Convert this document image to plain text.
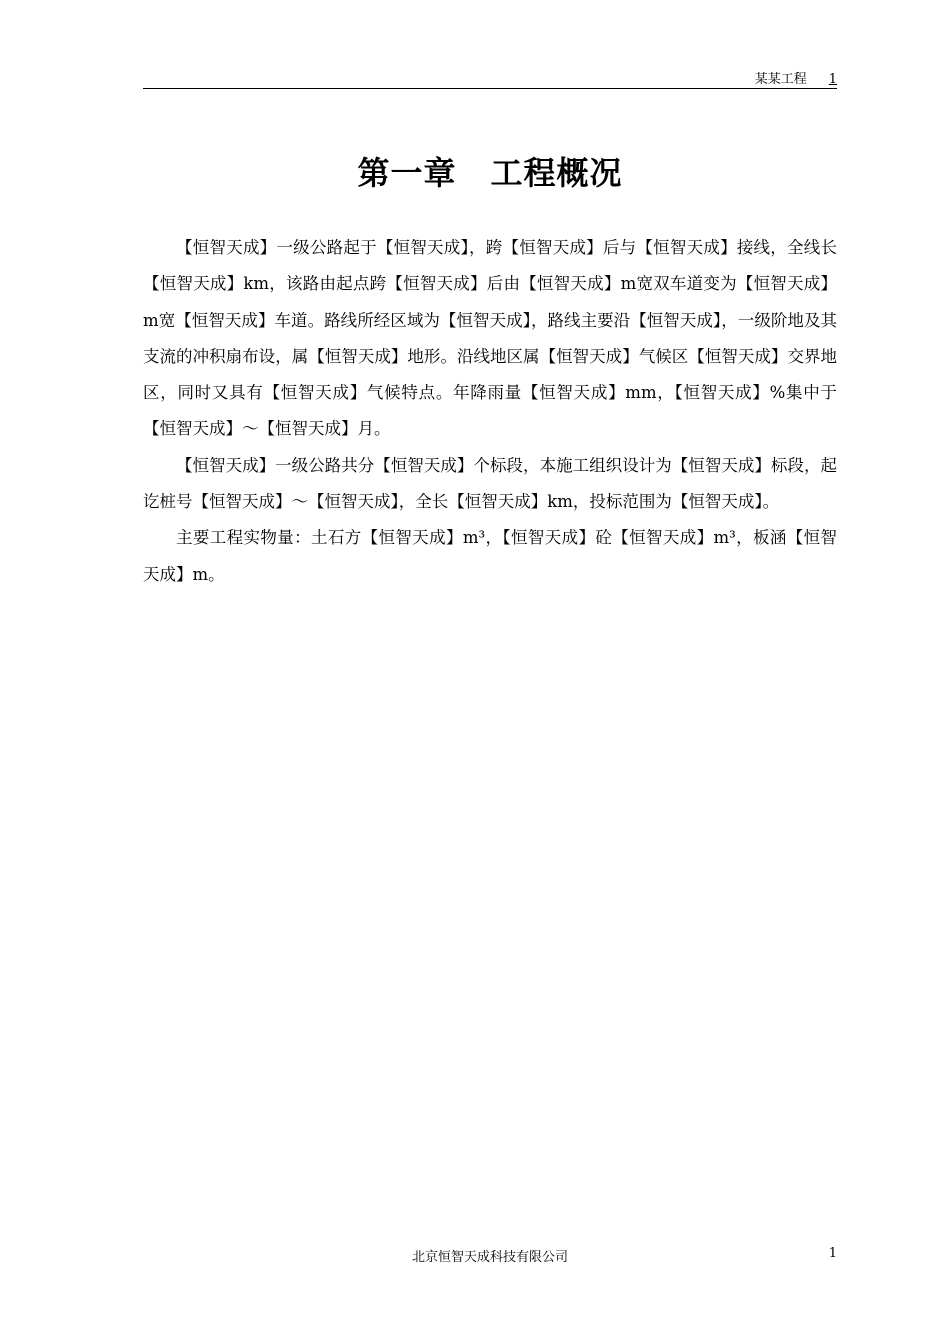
某某工程 1
第一章 工程概况

【恒智天成】一级公路起于【恒智天成】，跨【恒智天成】后与【恒智天成】接线，全线长【恒智天成】km，该路由起点跨【恒智天成】后由【恒智天成】m宽双车道变为【恒智天成】m宽【恒智天成】车道。路线所经区域为【恒智天成】，路线主要沿【恒智天成】，一级阶地及其支流的冲积扇布设，属【恒智天成】地形。沿线地区属【恒智天成】气候区【恒智天成】交界地区，同时又具有【恒智天成】气候特点。年降雨量【恒智天成】mm，【恒智天成】%集中于【恒智天成】～【恒智天成】月。

【恒智天成】一级公路共分【恒智天成】个标段，本施工组织设计为【恒智天成】标段，起讫桩号【恒智天成】～【恒智天成】，全长【恒智天成】km，投标范围为【恒智天成】。

主要工程实物量：土石方【恒智天成】m³，【恒智天成】砼【恒智天成】m³，板涵【恒智天成】m。

北京恒智天成科技有限公司	1
